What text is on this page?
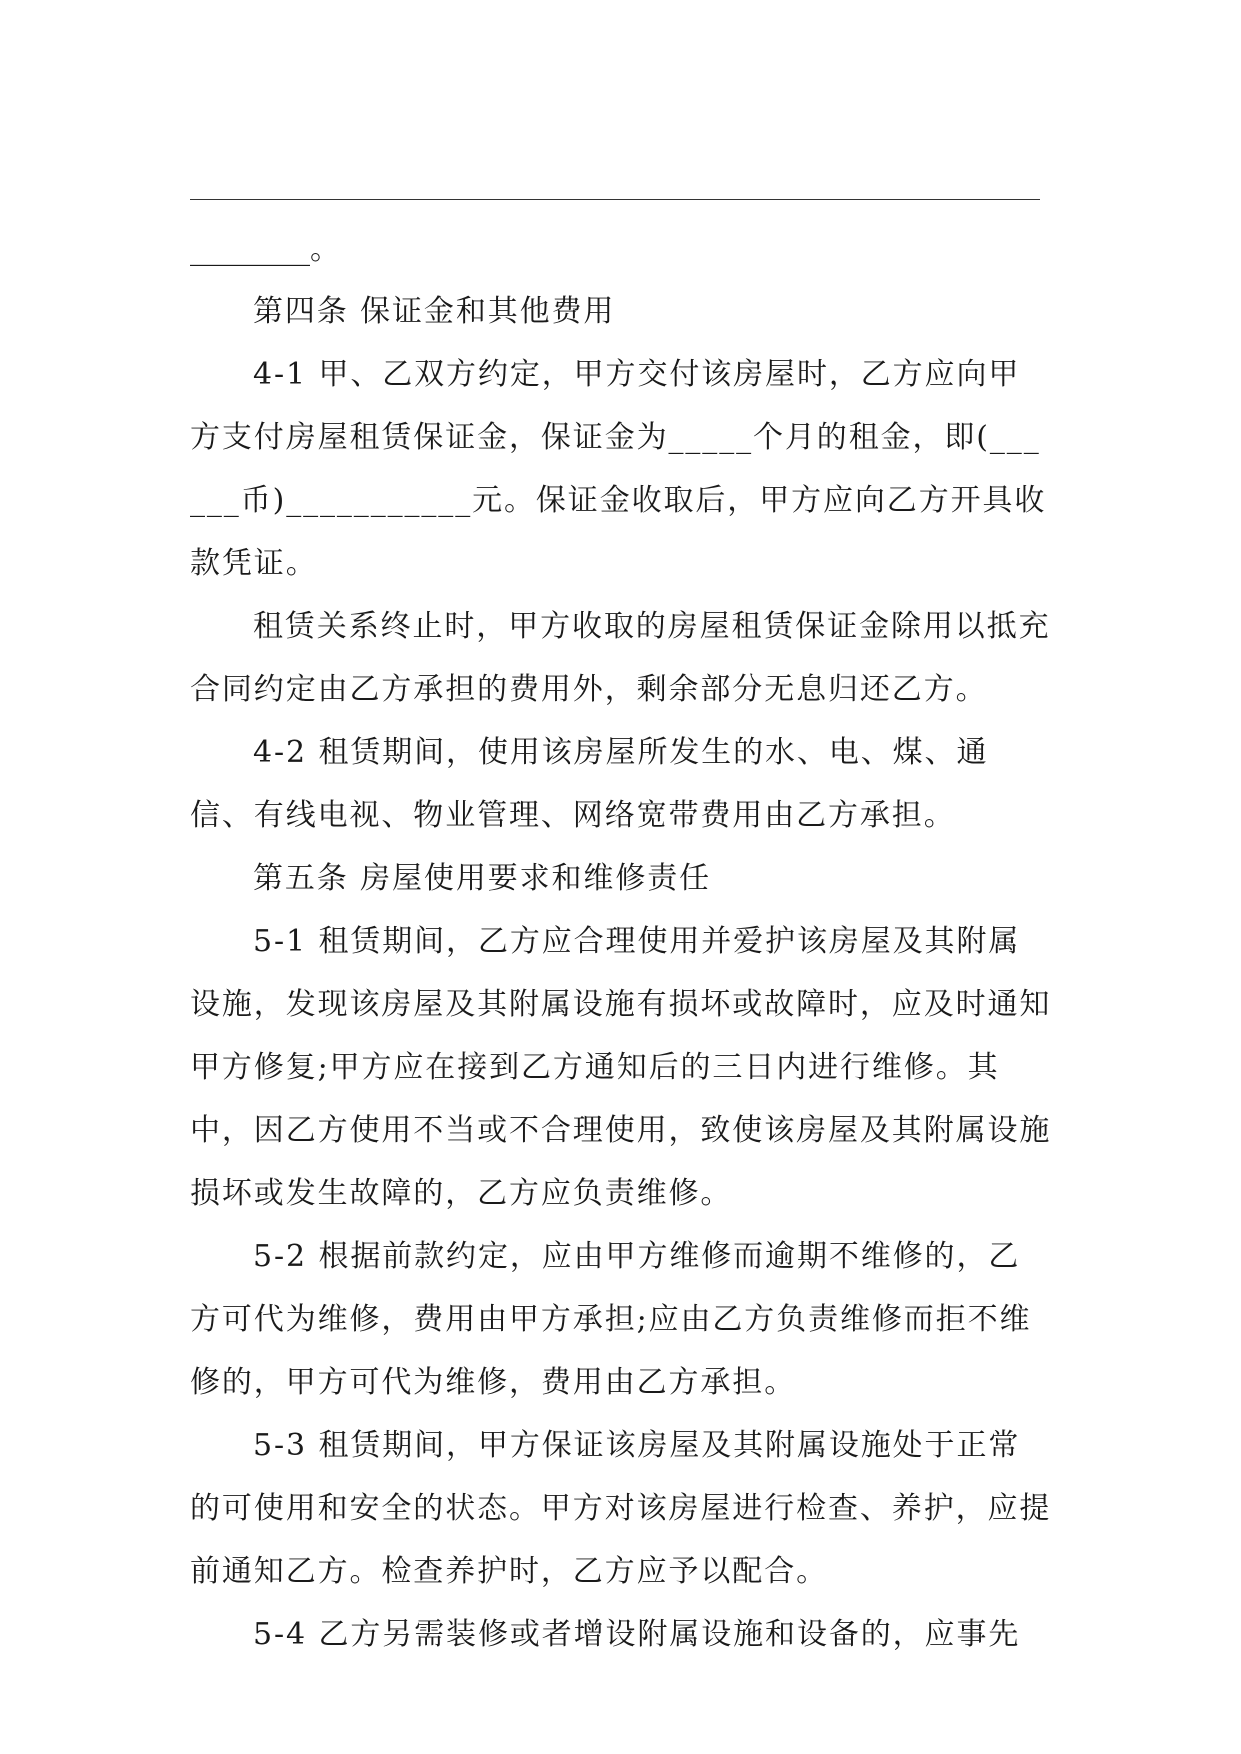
________。

第四条 保证金和其他费用

4-1 甲、乙双方约定，甲方交付该房屋时，乙方应向甲方支付房屋租赁保证金，保证金为_____个月的租金，即(______币)___________元。保证金收取后，甲方应向乙方开具收款凭证。

租赁关系终止时，甲方收取的房屋租赁保证金除用以抵充合同约定由乙方承担的费用外，剩余部分无息归还乙方。

4-2 租赁期间，使用该房屋所发生的水、电、煤、通信、有线电视、物业管理、网络宽带费用由乙方承担。

第五条 房屋使用要求和维修责任

5-1 租赁期间，乙方应合理使用并爱护该房屋及其附属设施，发现该房屋及其附属设施有损坏或故障时，应及时通知甲方修复;甲方应在接到乙方通知后的三日内进行维修。其中，因乙方使用不当或不合理使用，致使该房屋及其附属设施损坏或发生故障的，乙方应负责维修。

5-2 根据前款约定，应由甲方维修而逾期不维修的，乙方可代为维修，费用由甲方承担;应由乙方负责维修而拒不维修的，甲方可代为维修，费用由乙方承担。

5-3 租赁期间，甲方保证该房屋及其附属设施处于正常的可使用和安全的状态。甲方对该房屋进行检查、养护，应提前通知乙方。检查养护时，乙方应予以配合。

5-4 乙方另需装修或者增设附属设施和设备的，应事先
